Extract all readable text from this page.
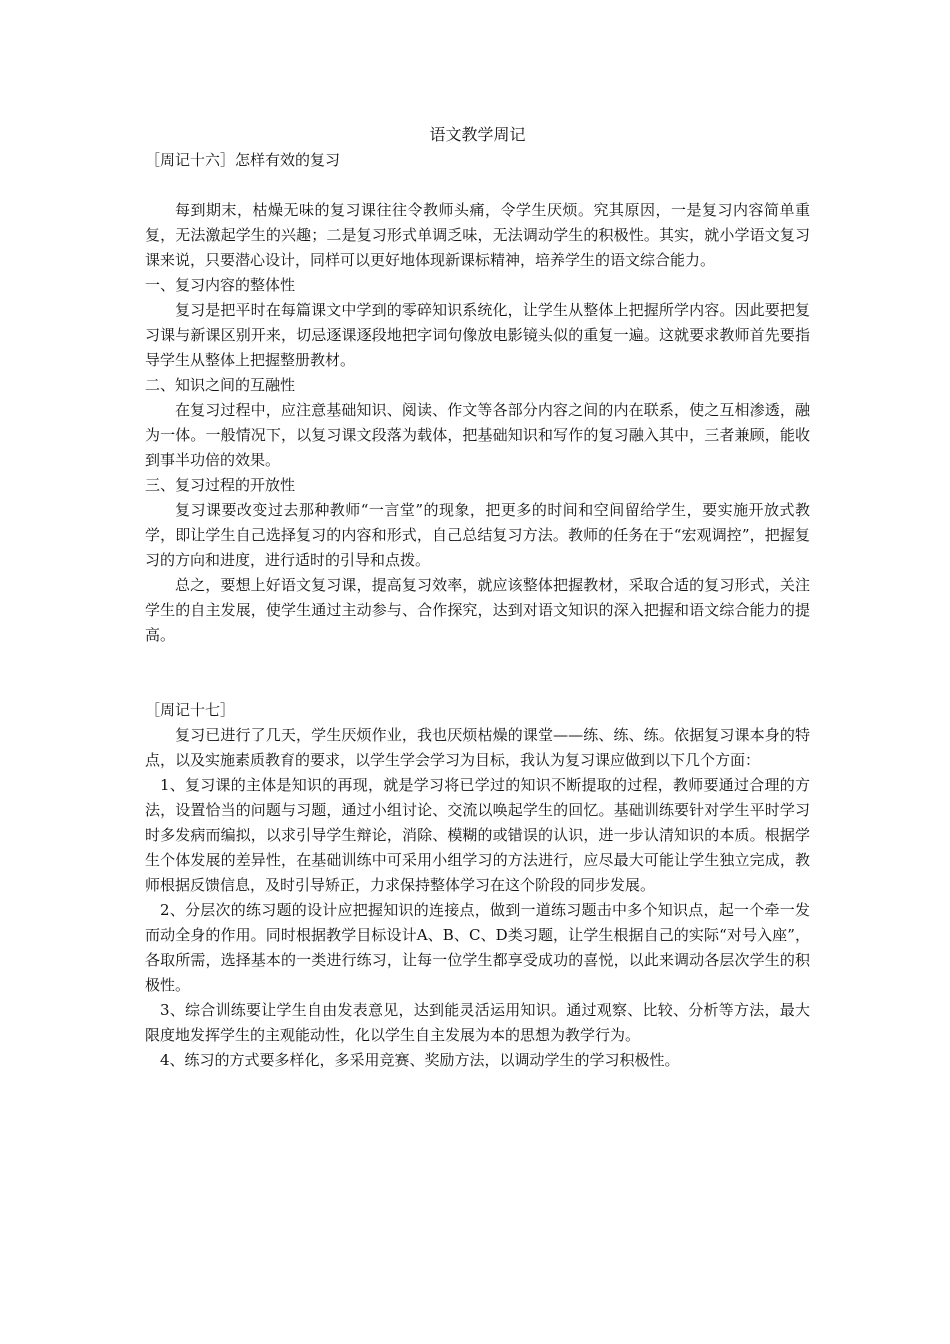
语文教学周记

［周记十六］怎样有效的复习

每到期末，枯燥无味的复习课往往令教师头痛，令学生厌烦。究其原因，一是复习内容简单重复，无法激起学生的兴趣；二是复习形式单调乏味，无法调动学生的积极性。其实，就小学语文复习课来说，只要潜心设计，同样可以更好地体现新课标精神，培养学生的语文综合能力。

一、复习内容的整体性

复习是把平时在每篇课文中学到的零碎知识系统化，让学生从整体上把握所学内容。因此要把复习课与新课区别开来，切忌逐课逐段地把字词句像放电影镜头似的重复一遍。这就要求教师首先要指导学生从整体上把握整册教材。

二、知识之间的互融性

在复习过程中，应注意基础知识、阅读、作文等各部分内容之间的内在联系，使之互相渗透，融为一体。一般情况下，以复习课文段落为载体，把基础知识和写作的复习融入其中，三者兼顾，能收到事半功倍的效果。

三、复习过程的开放性

复习课要改变过去那种教师“一言堂”的现象，把更多的时间和空间留给学生，要实施开放式教学，即让学生自己选择复习的内容和形式，自己总结复习方法。教师的任务在于“宏观调控”，把握复习的方向和进度，进行适时的引导和点拨。

总之，要想上好语文复习课，提高复习效率，就应该整体把握教材，采取合适的复习形式，关注学生的自主发展，使学生通过主动参与、合作探究，达到对语文知识的深入把握和语文综合能力的提高。

［周记十七］

复习已进行了几天，学生厌烦作业，我也厌烦枯燥的课堂——练、练、练。依据复习课本身的特点，以及实施素质教育的要求，以学生学会学习为目标，我认为复习课应做到以下几个方面：

1、复习课的主体是知识的再现，就是学习将已学过的知识不断提取的过程，教师要通过合理的方法，设置恰当的问题与习题，通过小组讨论、交流以唤起学生的回忆。基础训练要针对学生平时学习时多发病而编拟，以求引导学生辩论，消除、模糊的或错误的认识，进一步认清知识的本质。根据学生个体发展的差异性，在基础训练中可采用小组学习的方法进行，应尽最大可能让学生独立完成，教师根据反馈信息，及时引导矫正，力求保持整体学习在这个阶段的同步发展。

2、分层次的练习题的设计应把握知识的连接点，做到一道练习题击中多个知识点，起一个牵一发而动全身的作用。同时根据教学目标设计A、B、C、D类习题，让学生根据自己的实际“对号入座”，各取所需，选择基本的一类进行练习，让每一位学生都享受成功的喜悦，以此来调动各层次学生的积极性。

3、综合训练要让学生自由发表意见，达到能灵活运用知识。通过观察、比较、分析等方法，最大限度地发挥学生的主观能动性，化以学生自主发展为本的思想为教学行为。

4、练习的方式要多样化，多采用竞赛、奖励方法，以调动学生的学习积极性。
